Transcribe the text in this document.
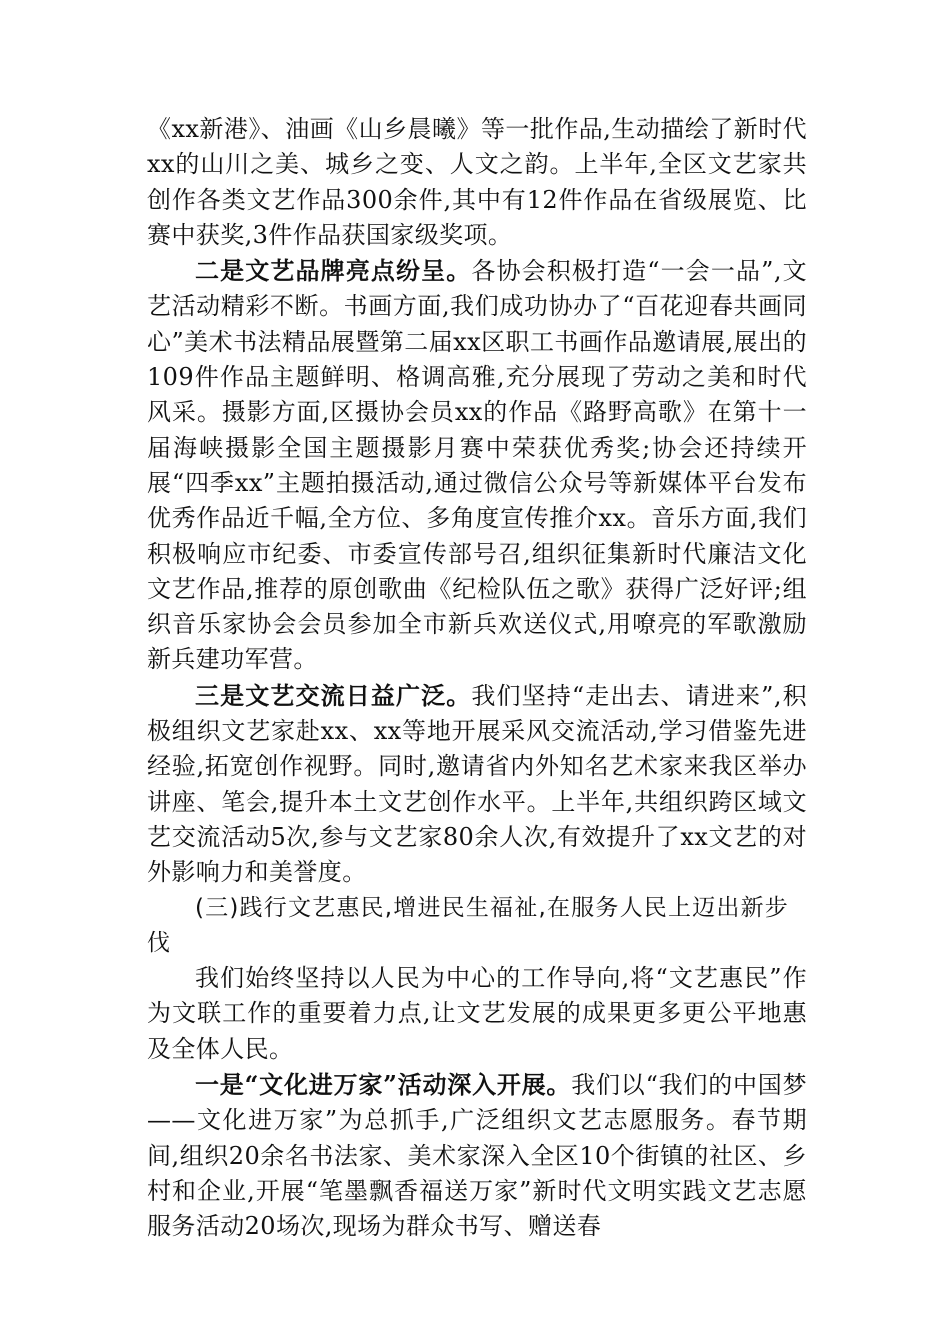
《xx新港》、油画《山乡晨曦》等一批作品,生动描绘了新时代xx的山川之美、城乡之变、人文之韵。上半年,全区文艺家共创作各类文艺作品300余件,其中有12件作品在省级展览、比赛中获奖,3件作品获国家级奖项。

二是文艺品牌亮点纷呈。各协会积极打造“一会一品”,文艺活动精彩不断。书画方面,我们成功协办了“百花迎春共画同心”美术书法精品展暨第二届xx区职工书画作品邀请展,展出的109件作品主题鲜明、格调高雅,充分展现了劳动之美和时代风采。摄影方面,区摄协会员xx的作品《路野高歌》在第十一届海峡摄影全国主题摄影月赛中荣获优秀奖;协会还持续开展“四季xx”主题拍摄活动,通过微信公众号等新媒体平台发布优秀作品近千幅,全方位、多角度宣传推介xx。音乐方面,我们积极响应市纪委、市委宣传部号召,组织征集新时代廉洁文化文艺作品,推荐的原创歌曲《纪检队伍之歌》获得广泛好评;组织音乐家协会会员参加全市新兵欢送仪式,用嘹亮的军歌激励新兵建功军营。

三是文艺交流日益广泛。我们坚持“走出去、请进来”,积极组织文艺家赴xx、xx等地开展采风交流活动,学习借鉴先进经验,拓宽创作视野。同时,邀请省内外知名艺术家来我区举办讲座、笔会,提升本土文艺创作水平。上半年,共组织跨区域文艺交流活动5次,参与文艺家80余人次,有效提升了xx文艺的对外影响力和美誉度。

(三)践行文艺惠民,增进民生福祉,在服务人民上迈出新步伐

我们始终坚持以人民为中心的工作导向,将“文艺惠民”作为文联工作的重要着力点,让文艺发展的成果更多更公平地惠及全体人民。

一是“文化进万家”活动深入开展。我们以“我们的中国梦——文化进万家”为总抓手,广泛组织文艺志愿服务。春节期间,组织20余名书法家、美术家深入全区10个街镇的社区、乡村和企业,开展“笔墨飘香福送万家”新时代文明实践文艺志愿服务活动20场次,现场为群众书写、赠送春
